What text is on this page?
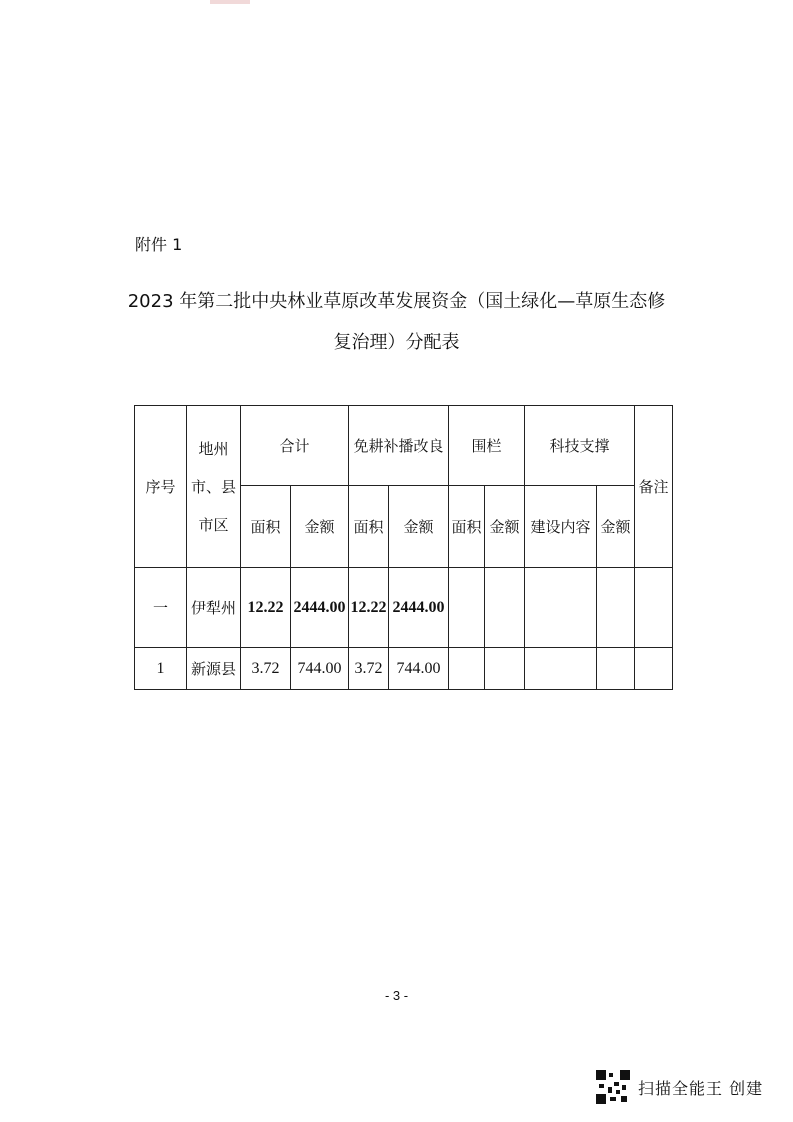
附件 1
2023 年第二批中央林业草原改革发展资金（国土绿化—草原生态修
复治理）分配表
序号	地州市、县市区	合计		免耕补播改良		围栏		科技支撑		备注
		面积	金额	面积	金额	面积	金额	建设内容	金额	
一	伊犁州	12.22	2444.00	12.22	2444.00					
1	新源县	3.72	744.00	3.72	744.00					
- 3 -
扫描全能王 创建
